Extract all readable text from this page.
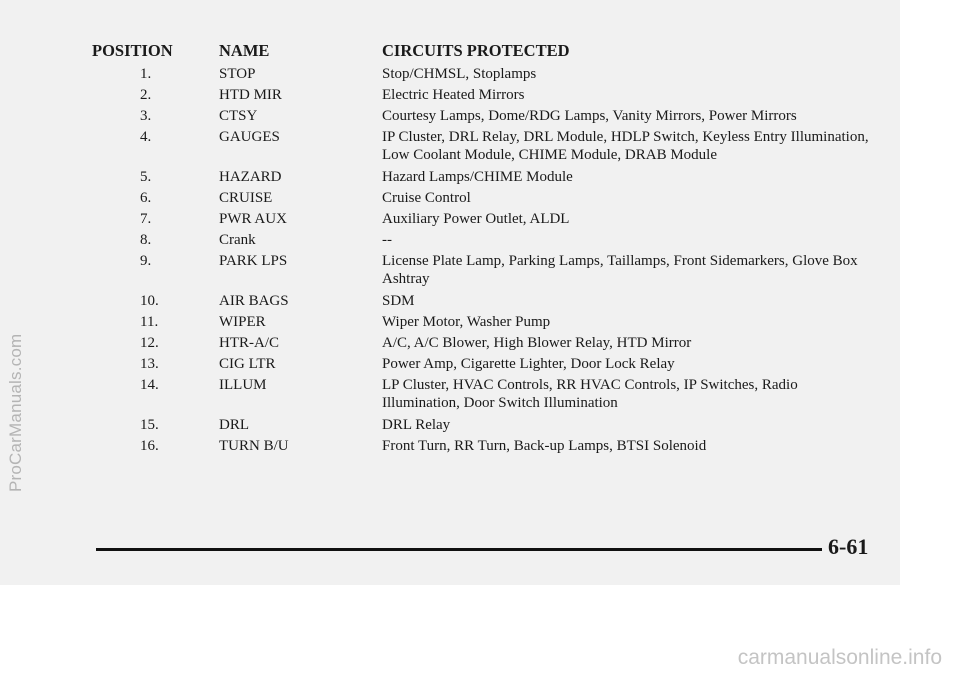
ProCarManuals.com
POSITION	NAME	CIRCUITS PROTECTED
1.	STOP	Stop/CHMSL, Stoplamps
2.	HTD MIR	Electric Heated Mirrors
3.	CTSY	Courtesy Lamps, Dome/RDG Lamps, Vanity Mirrors, Power Mirrors
4.	GAUGES	IP Cluster, DRL Relay, DRL Module, HDLP Switch, Keyless Entry Illumination, Low Coolant Module, CHIME Module, DRAB Module
5.	HAZARD	Hazard Lamps/CHIME Module
6.	CRUISE	Cruise Control
7.	PWR AUX	Auxiliary Power Outlet, ALDL
8.	Crank	--
9.	PARK LPS	License Plate Lamp, Parking Lamps, Taillamps, Front Sidemarkers, Glove Box Ashtray
10.	AIR BAGS	SDM
11.	WIPER	Wiper Motor, Washer Pump
12.	HTR-A/C	A/C, A/C Blower, High Blower Relay, HTD Mirror
13.	CIG LTR	Power Amp, Cigarette Lighter, Door Lock Relay
14.	ILLUM	LP Cluster, HVAC Controls, RR HVAC Controls, IP Switches, Radio Illumination, Door Switch Illumination
15.	DRL	DRL Relay
16.	TURN B/U	Front Turn, RR Turn, Back-up Lamps, BTSI Solenoid
6-61
carmanualsonline.info
